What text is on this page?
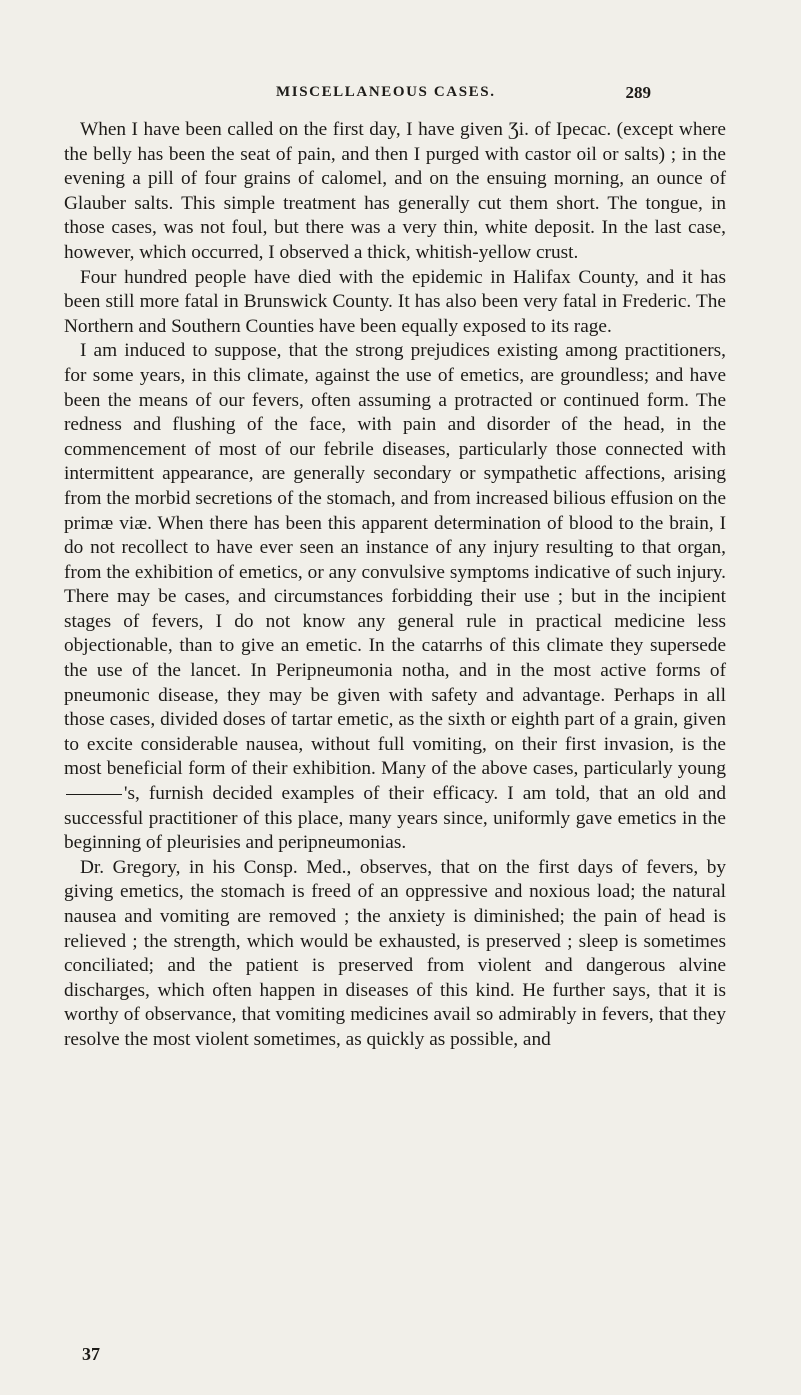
MISCELLANEOUS CASES.	289

When I have been called on the first day, I have given Ʒi. of Ipecac. (except where the belly has been the seat of pain, and then I purged with castor oil or salts) ; in the evening a pill of four grains of calomel, and on the ensuing morning, an ounce of Glauber salts. This simple treatment has generally cut them short. The tongue, in those cases, was not foul, but there was a very thin, white deposit. In the last case, however, which occurred, I observed a thick, whitish-yellow crust.

Four hundred people have died with the epidemic in Halifax County, and it has been still more fatal in Brunswick County. It has also been very fatal in Frederic. The Northern and Southern Counties have been equally exposed to its rage.

I am induced to suppose, that the strong prejudices existing among practitioners, for some years, in this climate, against the use of emetics, are groundless; and have been the means of our fevers, often assuming a protracted or continued form. The redness and flushing of the face, with pain and disorder of the head, in the commencement of most of our febrile diseases, particularly those connected with intermittent appearance, are generally secondary or sympathetic affections, arising from the morbid secretions of the stomach, and from increased bilious effusion on the primæ viæ. When there has been this apparent determination of blood to the brain, I do not recollect to have ever seen an instance of any injury resulting to that organ, from the exhibition of emetics, or any convulsive symptoms indicative of such injury. There may be cases, and circumstances forbidding their use ; but in the incipient stages of fevers, I do not know any general rule in practical medicine less objectionable, than to give an emetic. In the catarrhs of this climate they supersede the use of the lancet. In Peripneumonia notha, and in the most active forms of pneumonic disease, they may be given with safety and advantage. Perhaps in all those cases, divided doses of tartar emetic, as the sixth or eighth part of a grain, given to excite considerable nausea, without full vomiting, on their first invasion, is the most beneficial form of their exhibition. Many of the above cases, particularly young's, furnish decided examples of their efficacy. I am told, that an old and successful practitioner of this place, many years since, uniformly gave emetics in the beginning of pleurisies and peripneumonias.

Dr. Gregory, in his Consp. Med., observes, that on the first days of fevers, by giving emetics, the stomach is freed of an oppressive and noxious load; the natural nausea and vomiting are removed ; the anxiety is diminished; the pain of head is relieved ; the strength, which would be exhausted, is preserved ; sleep is sometimes conciliated; and the patient is preserved from violent and dangerous alvine discharges, which often happen in diseases of this kind. He further says, that it is worthy of observance, that vomiting medicines avail so admirably in fevers, that they resolve the most violent sometimes, as quickly as possible, and

37
